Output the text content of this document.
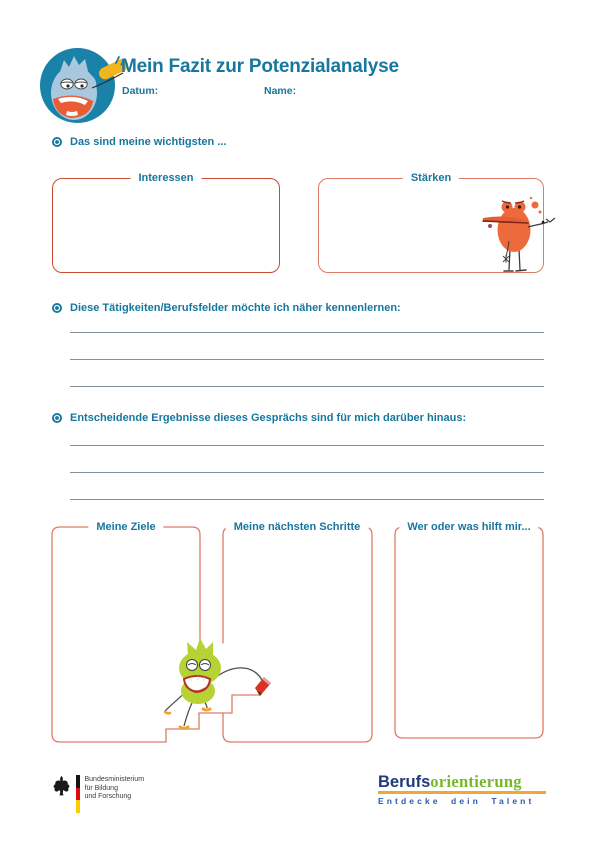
Mein Fazit zur Potenzialanalyse
Datum:	Name:
Das sind meine wichtigsten ...
Interessen	Stärken
Diese Tätigkeiten/Berufsfelder möchte ich näher kennenlernen:
Entscheidende Ergebnisse dieses Gesprächs sind für mich darüber hinaus:
Meine Ziele	Meine nächsten Schritte	Wer oder was hilft mir...
Bundesministerium
für Bildung
und Forschung
Berufsorientierung
Entdecke dein Talent
